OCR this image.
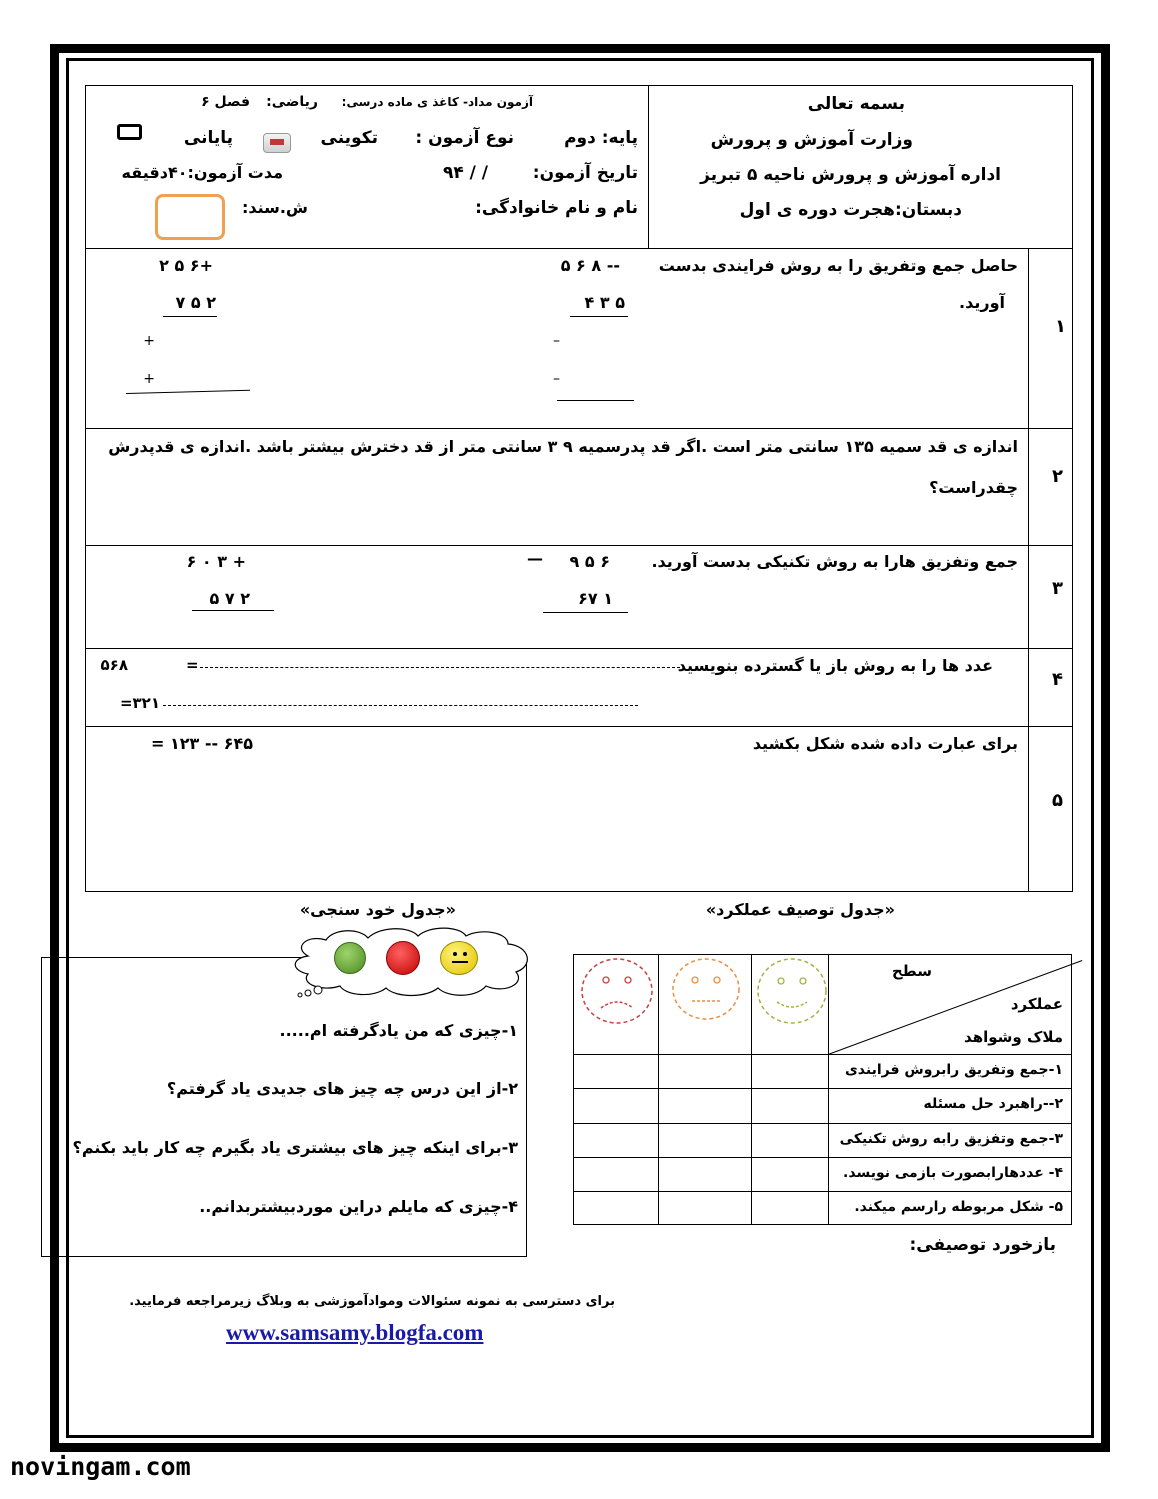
بسمه تعالی
وزارت آموزش و پرورش
اداره آموزش و پرورش ناحیه ۵ تبریز
دبستان:هجرت دوره ی اول
آزمون مداد- کاغذ ی ماده درسی:
ریاضی:
فصل ۶
پایه: دوم
نوع آزمون :
تکوینی
پایانی
تاریخ آزمون:
/ / ۹۴
مدت آزمون:۴۰دقیقه
نام و نام خانوادگی:
ش.سند:
۱
حاصل جمع وتفریق را به روش فرایندی بدست
آورید.
-- ۸ ۶ ۵
۵ ۳ ۴
–
–
+۶ ۵ ۲
۲ ۵ ۷
+
+
۲
اندازه ی قد سمیه ۱۳۵ سانتی متر است .اگر قد پدرسمیه ۹ ۳ سانتی متر از قد دخترش بیشتر باشد .اندازه ی قدپدرش
چقدراست؟
۳
جمع وتفزیق هارا به روش تکنیکی بدست آورید.
۶ ۵ ۹
—
۱ ۶۷
+ ۳ ۰ ۶
۲ ۷ ۵
۴
عدد ها را به روش باز یا گسترده بنویسید
۵۶۸	=
۳۲۱=
۵
برای عبارت داده شده شکل بکشید
۶۴۵ -- ۱۲۳ =
«جدول توصیف عملکرد»
«جدول خود سنجی»
۱-چیزی که من یادگرفته ام.....
۲-از این درس چه چیز های جدیدی یاد گرفتم؟
۳-برای اینکه چیز های بیشتری یاد بگیرم چه کار باید بکنم؟
۴-چیزی که مایلم دراین موردبیشتربدانم..
سطح
عملکرد
ملاک وشواهد
۱-جمع وتفریق رابروش فرایندی
۲--راهبرد حل مسئله
۳-جمع وتفزیق رابه روش تکنیکی
۴- عددهارابصورت بازمی نویسد.
۵- شکل مربوطه رارسم میکند.
بازخورد توصیفی:
برای دسترسی به نمونه سئوالات وموادآموزشی به وبلاگ زیرمراجعه فرمایید.
www.samsamy.blogfa.com
novingam.com
